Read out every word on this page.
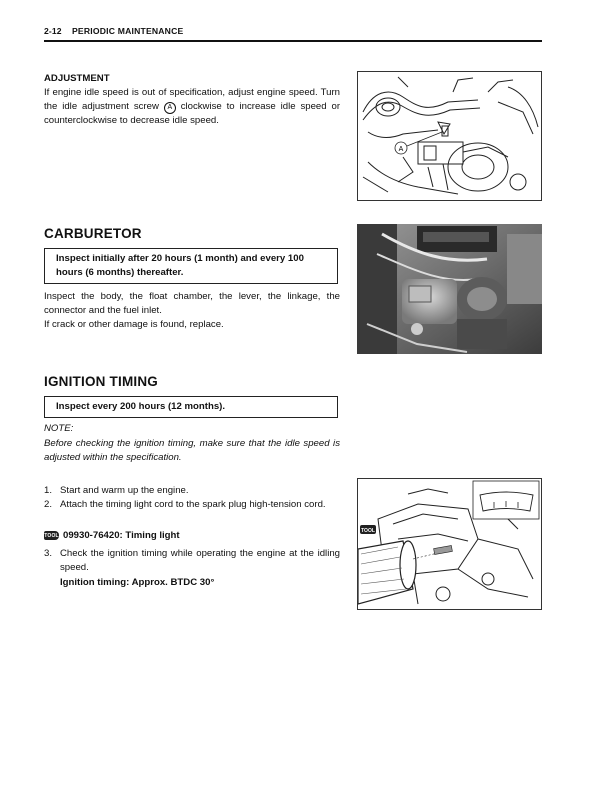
2-12 PERIODIC MAINTENANCE
ADJUSTMENT

If engine idle speed is out of specification, adjust engine speed. Turn the idle adjustment screw A clockwise to increase idle speed or counterclockwise to decrease idle speed.

A
CARBURETOR
Inspect initially after 20 hours (1 month) and every 100 hours (6 months) thereafter.

Inspect the body, the float chamber, the lever, the linkage, the connector and the fuel inlet.

If crack or other damage is found, replace.

IGNITION TIMING
Inspect every 200 hours (12 months).
NOTE:
Before checking the ignition timing, make sure that the idle speed is adjusted within the specification.
1. Start and warm up the engine.
2. Attach the timing light cord to the spark plug high-tension cord.
TOOL 09930-76420: Timing light
3. Check the ignition timing while operating the engine at the idling speed.
Ignition timing: Approx. BTDC 30°
TOOL
